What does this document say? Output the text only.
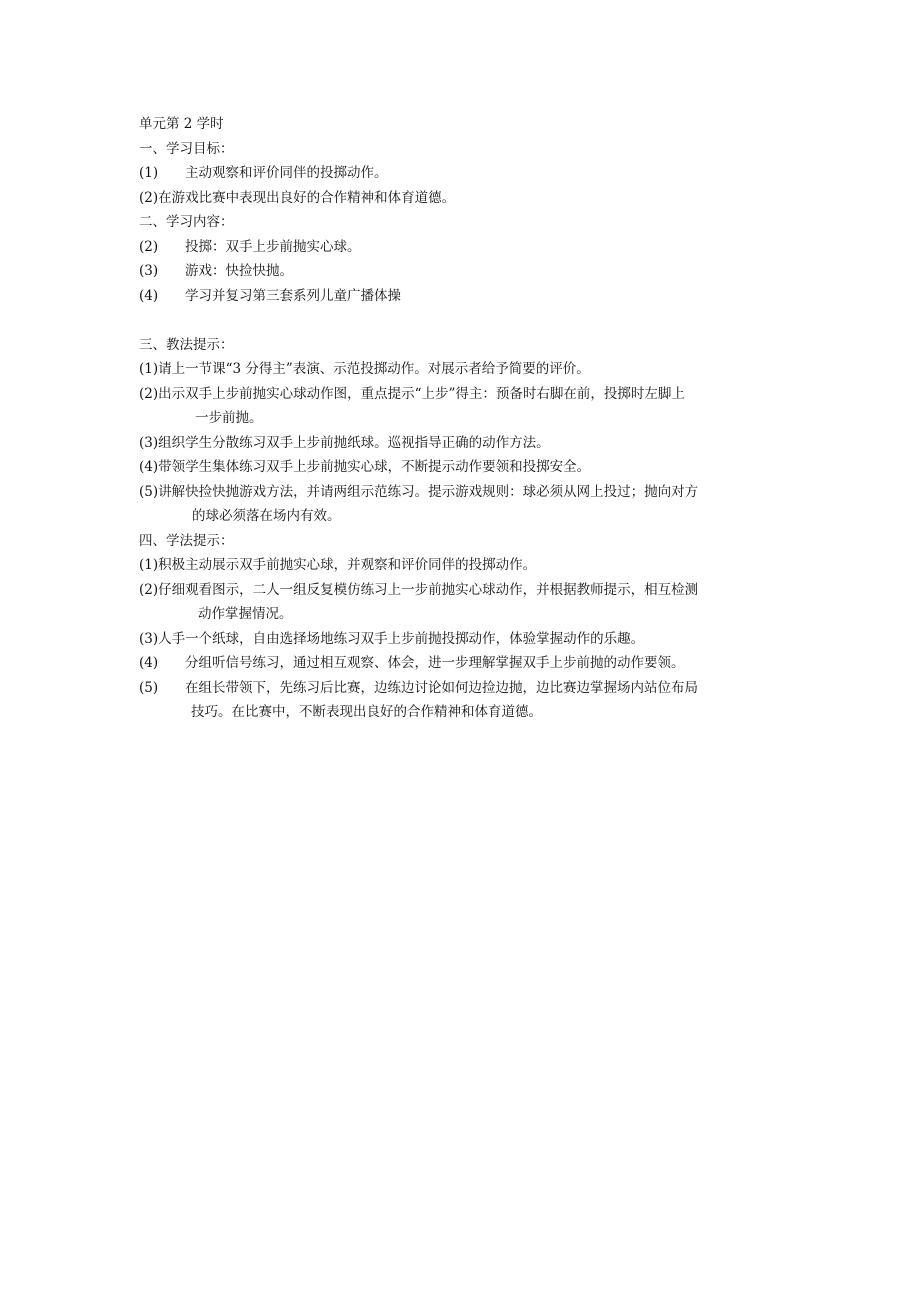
单元第 2 学时
一、学习目标：
(1)	主动观察和评价同伴的投掷动作。
(2) 在游戏比赛中表现出良好的合作精神和体育道德。
二、学习内容：
(2)	投掷：双手上步前抛实心球。
(3)	游戏：快捡快抛。
(4)	学习并复习第三套系列儿童广播体操
三、教法提示：
(1) 请上一节课“3 分得主”表演、示范投掷动作。对展示者给予简要的评价。
(2) 出示双手上步前抛实心球动作图，重点提示“上步”得主：预备时右脚在前，投掷时左脚上
一步前抛。
(3) 组织学生分散练习双手上步前抛纸球。巡视指导正确的动作方法。
(4) 带领学生集体练习双手上步前抛实心球，不断提示动作要领和投掷安全。
(5) 讲解快捡快抛游戏方法，并请两组示范练习。提示游戏规则：球必须从网上投过；抛向对方
的球必须落在场内有效。
四、学法提示：
(1) 积极主动展示双手前抛实心球，并观察和评价同伴的投掷动作。
(2) 仔细观看图示，二人一组反复模仿练习上一步前抛实心球动作，并根据教师提示，相互检测
动作掌握情况。
(3) 人手一个纸球，自由选择场地练习双手上步前抛投掷动作，体验掌握动作的乐趣。
(4)	分组听信号练习，通过相互观察、体会，进一步理解掌握双手上步前抛的动作要领。
(5)	在组长带领下，先练习后比赛，边练边讨论如何边捡边抛，边比赛边掌握场内站位布局
技巧。在比赛中，不断表现出良好的合作精神和体育道德。
